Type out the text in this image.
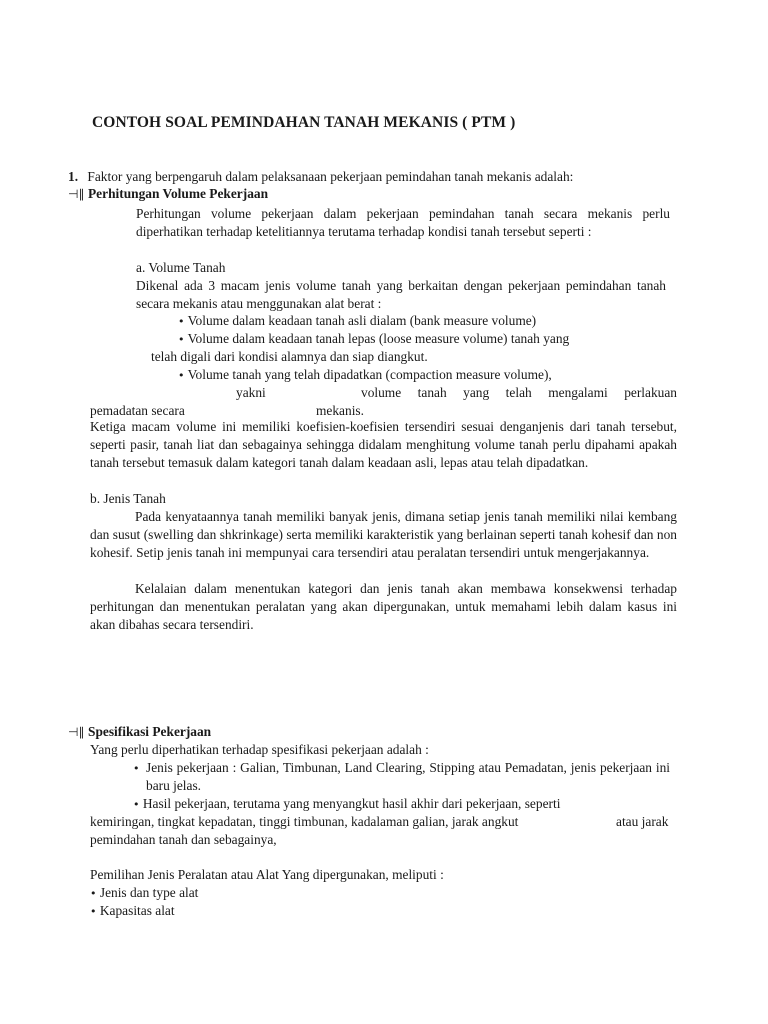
CONTOH SOAL PEMINDAHAN TANAH MEKANIS ( PTM )
1. Faktor yang berpengaruh dalam pelaksanaan pekerjaan pemindahan tanah mekanis adalah:
⊣∥ Perhitungan Volume Pekerjaan
Perhitungan volume pekerjaan dalam pekerjaan pemindahan tanah secara mekanis perlu diperhatikan terhadap ketelitiannya terutama terhadap kondisi tanah tersebut seperti :
a. Volume Tanah
Dikenal ada 3 macam jenis volume tanah yang berkaitan dengan pekerjaan pemindahan tanah secara mekanis atau menggunakan alat berat :
• Volume dalam keadaan tanah asli dialam (bank measure volume)
• Volume dalam keadaan tanah lepas (loose measure volume) tanah yang
telah digali dari kondisi alamnya dan siap diangkut.
• Volume tanah yang telah dipadatkan (compaction measure volume),
yakni	volume tanah yang telah mengalami perlakuan
pemadatan secara	mekanis.
Ketiga macam volume ini memiliki koefisien-koefisien tersendiri sesuai denganjenis dari tanah tersebut, seperti pasir, tanah liat dan sebagainya sehingga didalam menghitung volume tanah perlu dipahami apakah tanah tersebut temasuk dalam kategori tanah dalam keadaan asli, lepas atau telah dipadatkan.
b. Jenis Tanah
Pada kenyataannya tanah memiliki banyak jenis, dimana setiap jenis tanah memiliki nilai kembang dan susut (swelling dan shkrinkage) serta memiliki karakteristik yang berlainan seperti tanah kohesif dan non kohesif. Setip jenis tanah ini mempunyai cara tersendiri atau peralatan tersendiri untuk mengerjakannya.
Kelalaian dalam menentukan kategori dan jenis tanah akan membawa konsekwensi terhadap perhitungan dan menentukan peralatan yang akan dipergunakan, untuk memahami lebih dalam kasus ini akan dibahas secara tersendiri.
⊣∥ Spesifikasi Pekerjaan
Yang perlu diperhatikan terhadap spesifikasi pekerjaan adalah :
• Jenis pekerjaan : Galian, Timbunan, Land Clearing, Stipping atau Pemadatan, jenis pekerjaan ini baru jelas.
• Hasil pekerjaan, terutama yang menyangkut hasil akhir dari pekerjaan, seperti
kemiringan, tingkat kepadatan, tinggi timbunan, kadalaman galian, jarak angkut	atau jarak
pemindahan tanah dan sebagainya,
Pemilihan Jenis Peralatan atau Alat Yang dipergunakan, meliputi :
• Jenis dan type alat
• Kapasitas alat
